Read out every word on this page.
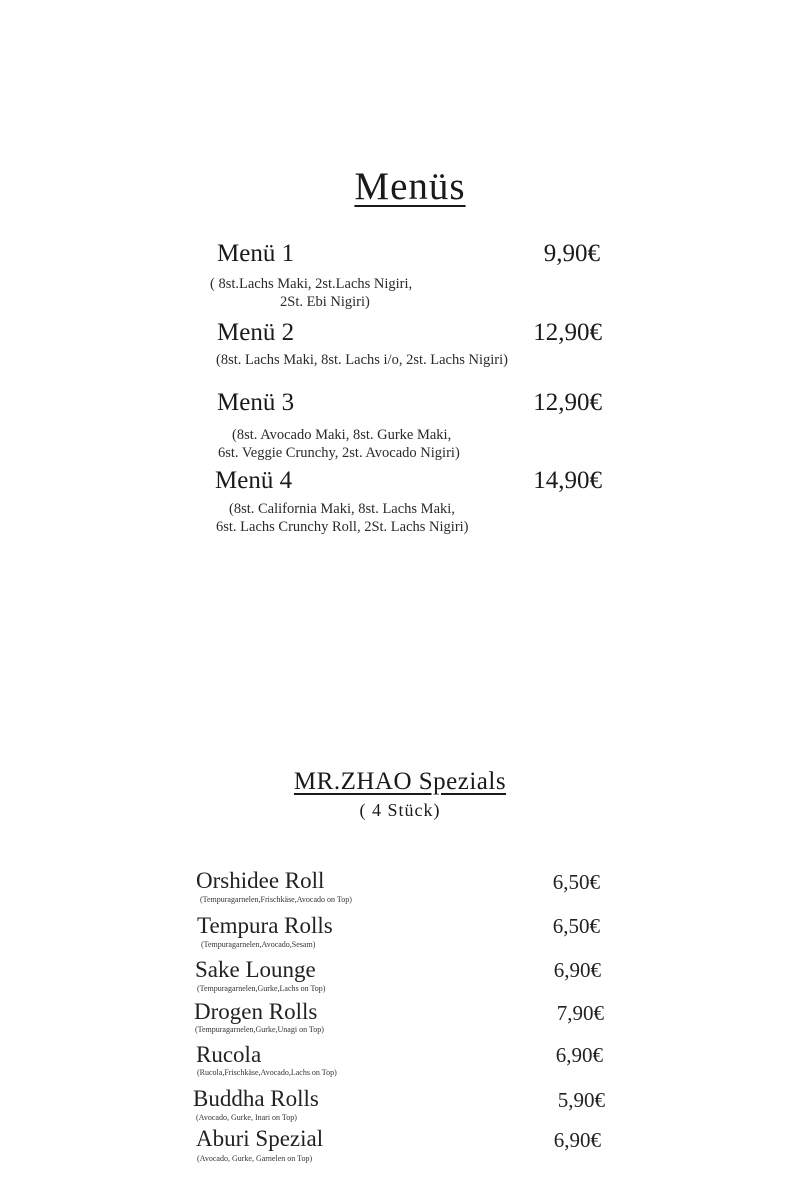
Menüs
Menü 1	9,90€
( 8st.Lachs Maki, 2st.Lachs Nigiri,
2St. Ebi Nigiri)
Menü 2	12,90€
(8st. Lachs Maki, 8st. Lachs i/o, 2st. Lachs Nigiri)
Menü 3	12,90€
(8st. Avocado Maki, 8st. Gurke Maki,
6st. Veggie Crunchy, 2st. Avocado Nigiri)
Menü 4	14,90€
(8st. California Maki, 8st. Lachs Maki,
6st. Lachs Crunchy Roll, 2St. Lachs Nigiri)
MR.ZHAO Spezials
( 4 Stück)
Orshidee Roll
(Tempuragarnelen,Frischkäse,Avocado on Top)
6,50€
Tempura Rolls
(Tempuragarnelen,Avocado,Sesam)
6,50€
Sake Lounge
(Tempuragarnelen,Gurke,Lachs on Top)
6,90€
Drogen Rolls
(Tempuragarnelen,Gurke,Unagi on Top)
7,90€
Rucola
(Rucola,Frischkäse,Avocado,Lachs on Top)
6,90€
Buddha Rolls
(Avocado, Gurke, Inari on Top)
5,90€
Aburi Spezial
(Avocado, Gurke, Garnelen on Top)
6,90€
